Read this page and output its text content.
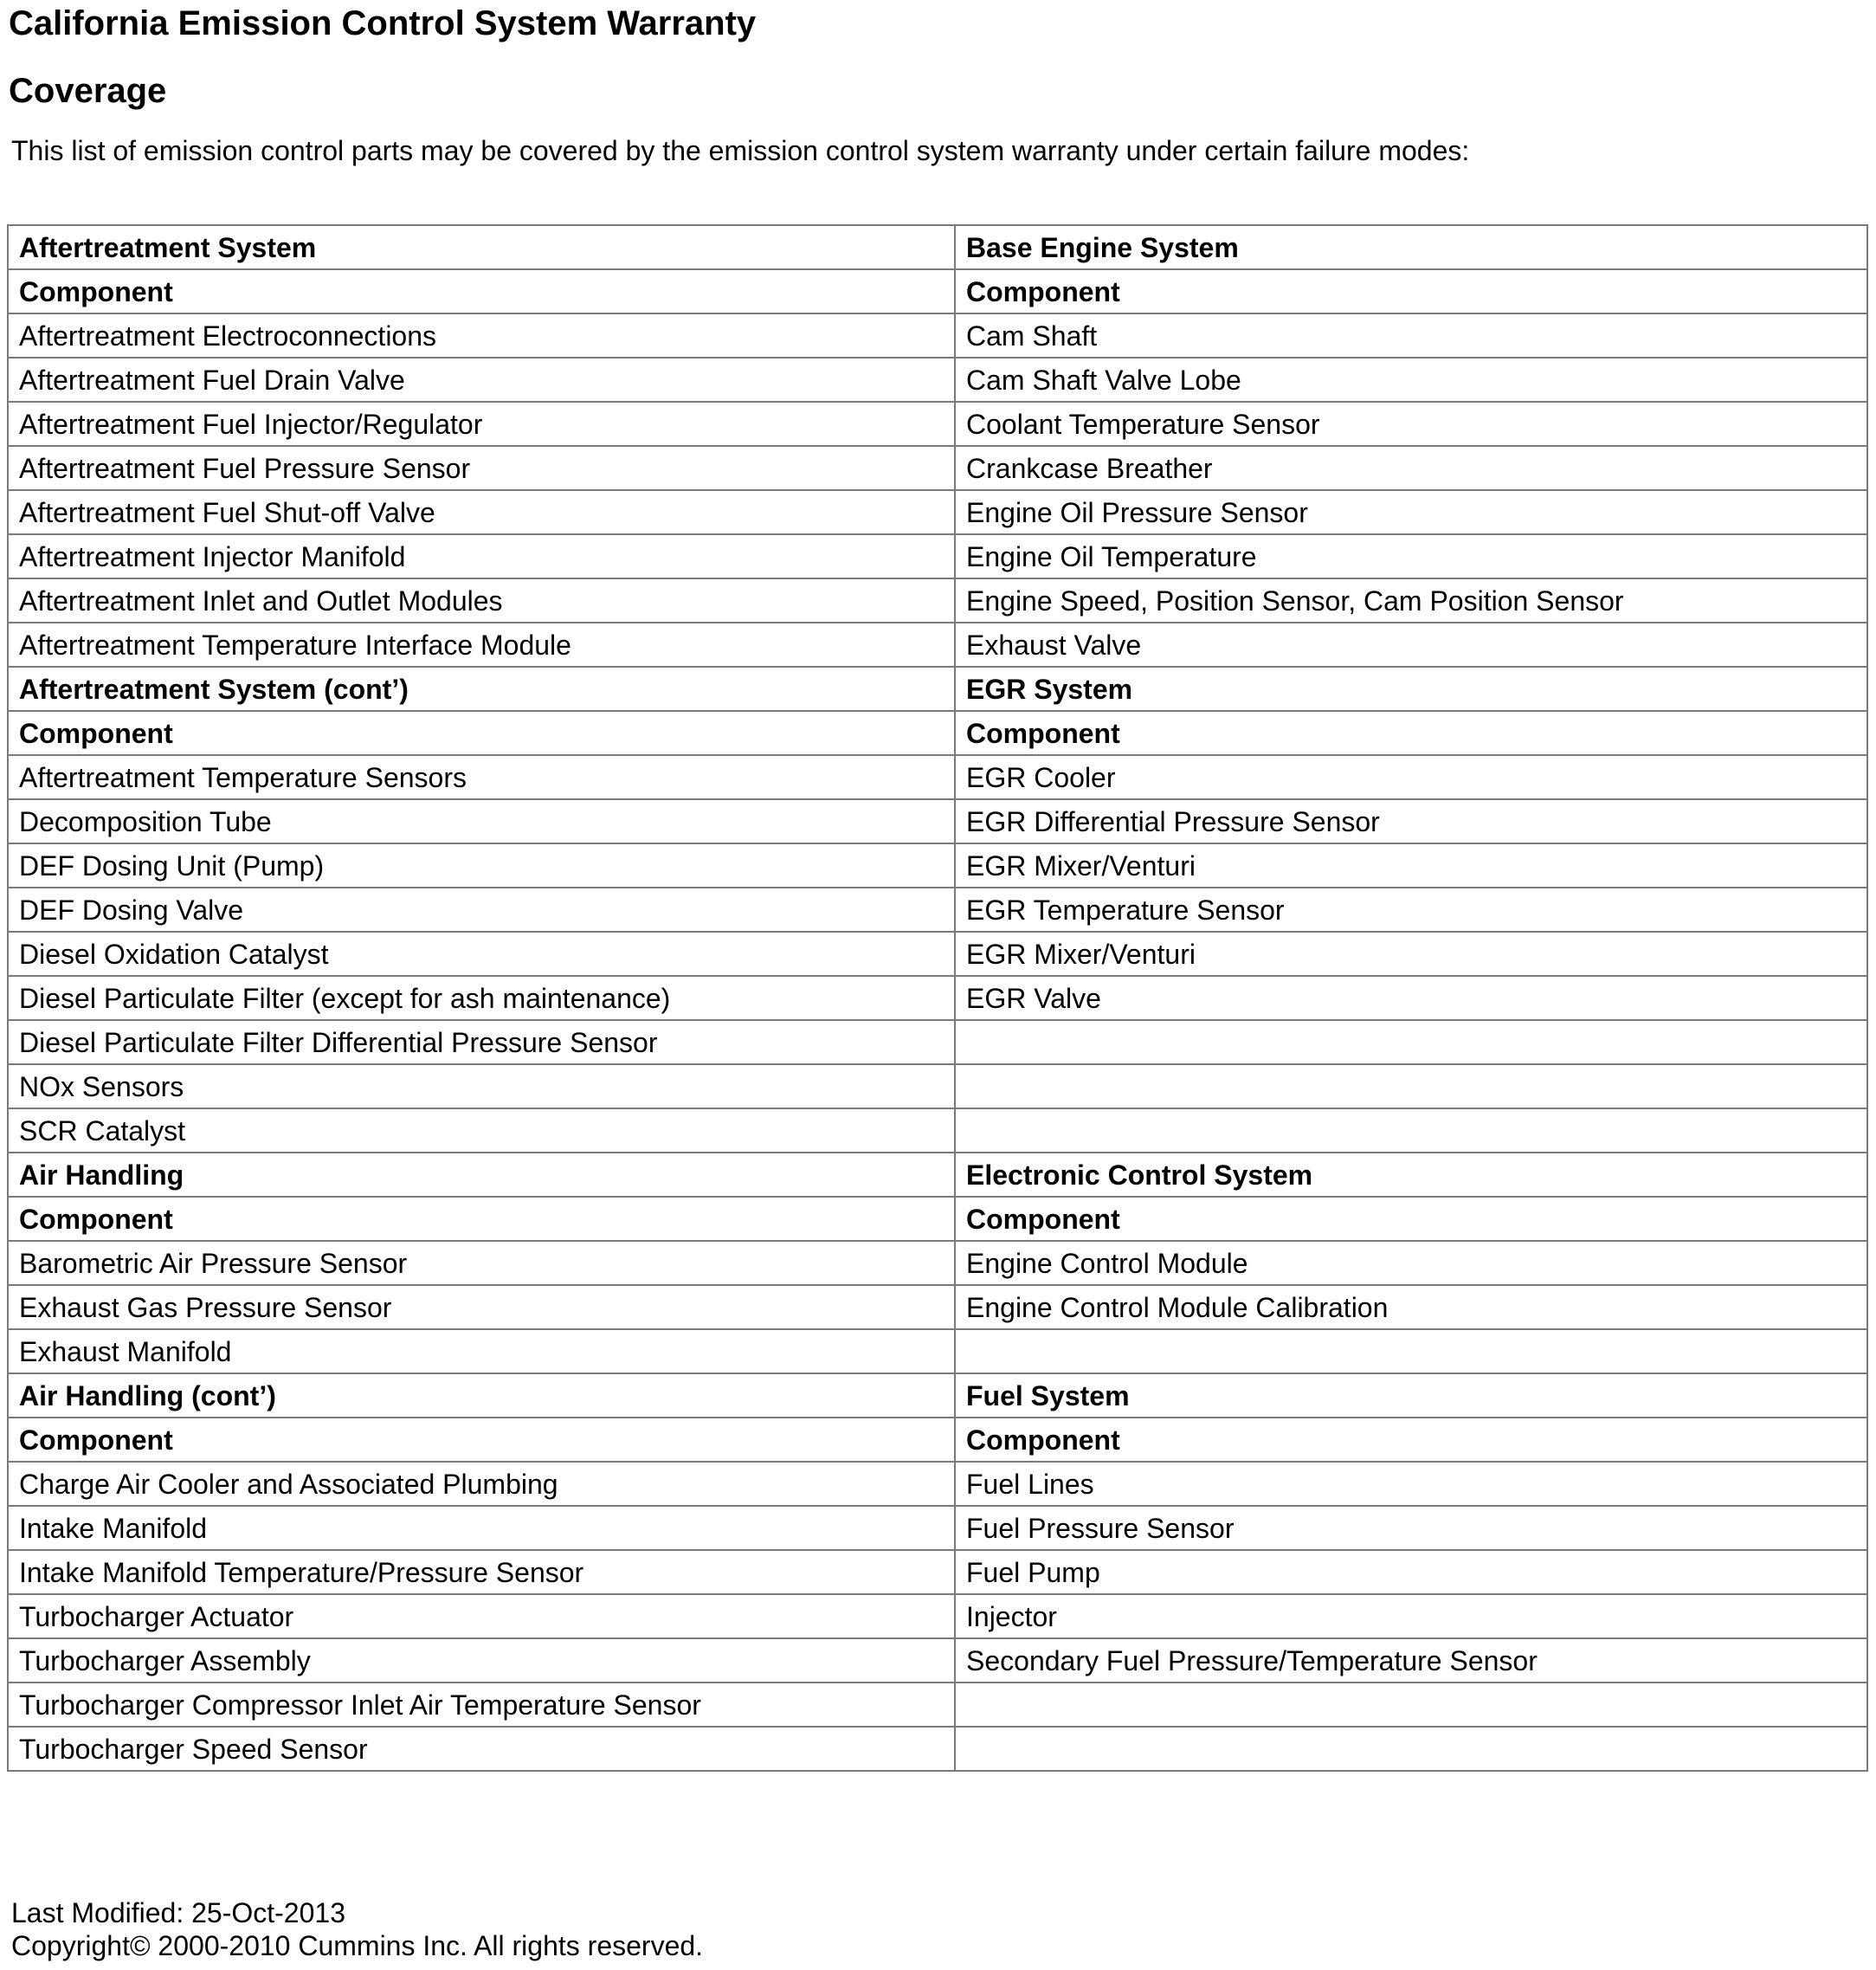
California Emission Control System Warranty
Coverage
This list of emission control parts may be covered by the emission control system warranty under certain failure modes:
Aftertreatment System	Base Engine System
Component	Component
Aftertreatment Electroconnections	Cam Shaft
Aftertreatment Fuel Drain Valve	Cam Shaft Valve Lobe
Aftertreatment Fuel Injector/Regulator	Coolant Temperature Sensor
Aftertreatment Fuel Pressure Sensor	Crankcase Breather
Aftertreatment Fuel Shut-off Valve	Engine Oil Pressure Sensor
Aftertreatment Injector Manifold	Engine Oil Temperature
Aftertreatment Inlet and Outlet Modules	Engine Speed, Position Sensor, Cam Position Sensor
Aftertreatment Temperature Interface Module	Exhaust Valve
Aftertreatment System (cont’)	EGR System
Component	Component
Aftertreatment Temperature Sensors	EGR Cooler
Decomposition Tube	EGR Differential Pressure Sensor
DEF Dosing Unit (Pump)	EGR Mixer/Venturi
DEF Dosing Valve	EGR Temperature Sensor
Diesel Oxidation Catalyst	EGR Mixer/Venturi
Diesel Particulate Filter (except for ash maintenance)	EGR Valve
Diesel Particulate Filter Differential Pressure Sensor	
NOx Sensors	
SCR Catalyst	
Air Handling	Electronic Control System
Component	Component
Barometric Air Pressure Sensor	Engine Control Module
Exhaust Gas Pressure Sensor	Engine Control Module Calibration
Exhaust Manifold	
Air Handling (cont’)	Fuel System
Component	Component
Charge Air Cooler and Associated Plumbing	Fuel Lines
Intake Manifold	Fuel Pressure Sensor
Intake Manifold Temperature/Pressure Sensor	Fuel Pump
Turbocharger Actuator	Injector
Turbocharger Assembly	Secondary Fuel Pressure/Temperature Sensor
Turbocharger Compressor Inlet Air Temperature Sensor	
Turbocharger Speed Sensor	
Last Modified: 25-Oct-2013
Copyright© 2000-2010 Cummins Inc. All rights reserved.
